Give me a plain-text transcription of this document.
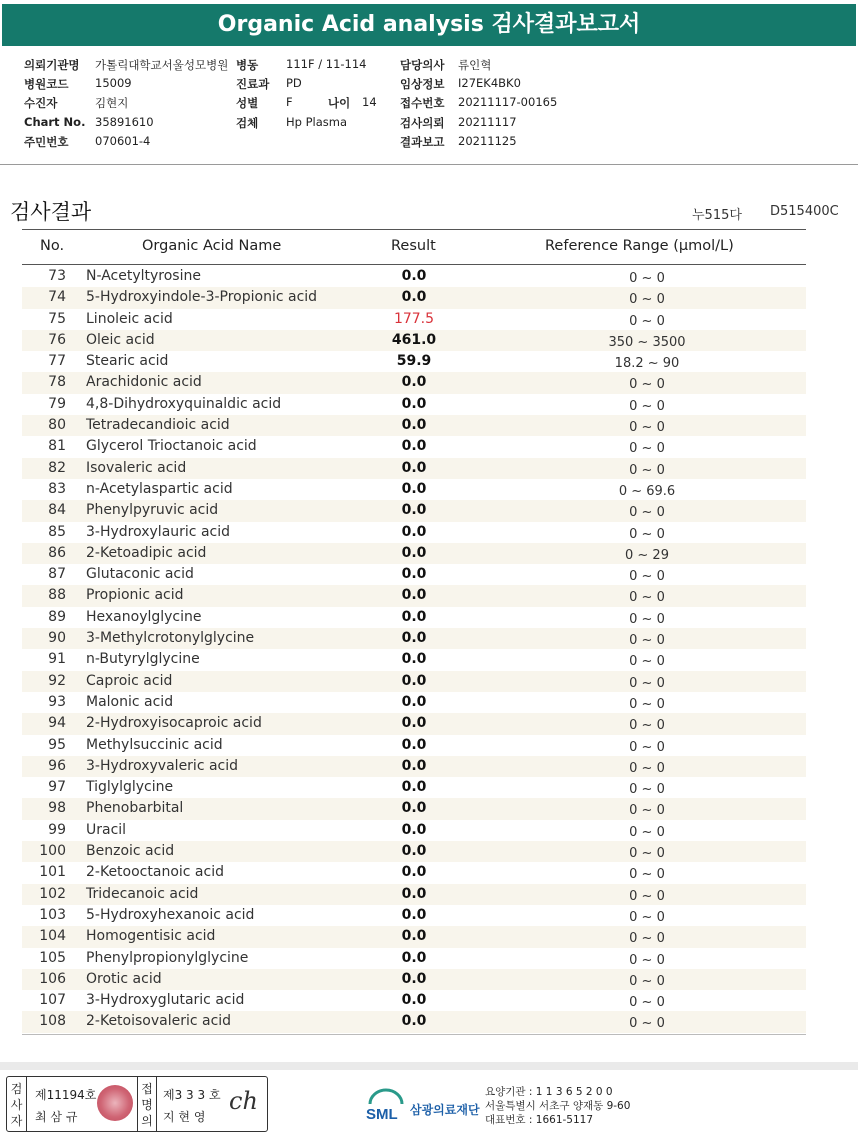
Organic Acid analysis 검사결과보고서
의뢰기관명 가톨릭대학교서울성모병원 병동 111F / 11-114	담당의사 류인혁
병원코드 15009	진료과 PD	임상정보 I27EK4BK0
수진자	김현지	성별 F	나이 14 접수번호 20211117-00165
Chart No. 35891610	검체 Hp Plasma	검사의뢰 20211117
주민번호 070601-4	결과보고 20211125
검사결과	누515다 D515400C
No.	Organic Acid Name	Result	Reference Range (μmol/L)
73 N-Acetyltyrosine	0.0	0 ~ 0
74 5-Hydroxyindole-3-Propionic acid	0.0	0 ~ 0
75 Linoleic acid	177.5	0 ~ 0
76 Oleic acid	461.0	350 ~ 3500
77 Stearic acid	59.9	18.2 ~ 90
78 Arachidonic acid	0.0	0 ~ 0
79 4,8-Dihydroxyquinaldic acid	0.0	0 ~ 0
80 Tetradecandioic acid	0.0	0 ~ 0
81 Glycerol Trioctanoic acid	0.0	0 ~ 0
82 Isovaleric acid	0.0	0 ~ 0
83 n-Acetylaspartic acid	0.0	0 ~ 69.6
84 Phenylpyruvic acid	0.0	0 ~ 0
85 3-Hydroxylauric acid	0.0	0 ~ 0
86 2-Ketoadipic acid	0.0	0 ~ 29
87 Glutaconic acid	0.0	0 ~ 0
88 Propionic acid	0.0	0 ~ 0
89 Hexanoylglycine	0.0	0 ~ 0
90 3-Methylcrotonylglycine	0.0	0 ~ 0
91 n-Butyrylglycine	0.0	0 ~ 0
92 Caproic acid	0.0	0 ~ 0
93 Malonic acid	0.0	0 ~ 0
94 2-Hydroxyisocaproic acid	0.0	0 ~ 0
95 Methylsuccinic acid	0.0	0 ~ 0
96 3-Hydroxyvaleric acid	0.0	0 ~ 0
97 Tiglylglycine	0.0	0 ~ 0
98 Phenobarbital	0.0	0 ~ 0
99 Uracil	0.0	0 ~ 0
100 Benzoic acid	0.0	0 ~ 0
101 2-Ketooctanoic acid	0.0	0 ~ 0
102 Tridecanoic acid	0.0	0 ~ 0
103 5-Hydroxyhexanoic acid	0.0	0 ~ 0
104 Homogentisic acid	0.0	0 ~ 0
105 Phenylpropionylglycine	0.0	0 ~ 0
106 Orotic acid	0.0	0 ~ 0
107 3-Hydroxyglutaric acid	0.0	0 ~ 0
108 2-Ketoisovaleric acid	0.0	0 ~ 0
검사자
제11194호
최 삼 규
접명의
제3 3 3 호
지 현 영
ch	SML 삼광의료재단
요양기관 : 1 1 3 6 5 2 0 0
서울특별시 서초구 양재동 9-60
대표번호 : 1661-5117
